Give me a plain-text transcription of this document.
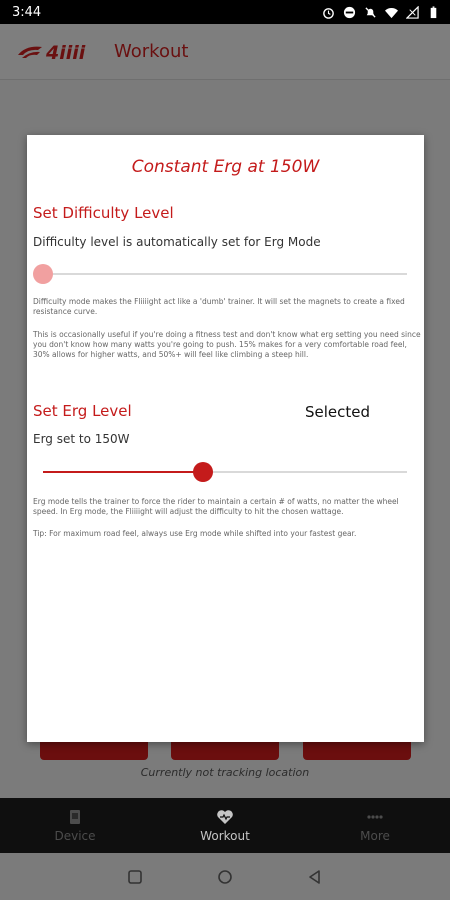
3:44
4iiii Workout
Currently not tracking location
Constant Erg at 150W
Set Difficulty Level
Difficulty level is automatically set for Erg Mode
Difficulty mode makes the Fliiiight act like a 'dumb' trainer. It will set the magnets to create a fixed resistance curve.
This is occasionally useful if you're doing a fitness test and don't know what erg setting you need since you don't know how many watts you're going to push. 15% makes for a very comfortable road feel, 30% allows for higher watts, and 50%+ will feel like climbing a steep hill.
Set Erg Level	Selected
Erg set to 150W
Erg mode tells the trainer to force the rider to maintain a certain # of watts, no matter the wheel speed. In Erg mode, the Fliiiight will adjust the difficulty to hit the chosen wattage.
Tip: For maximum road feel, always use Erg mode while shifted into your fastest gear.
Device	Workout	More
